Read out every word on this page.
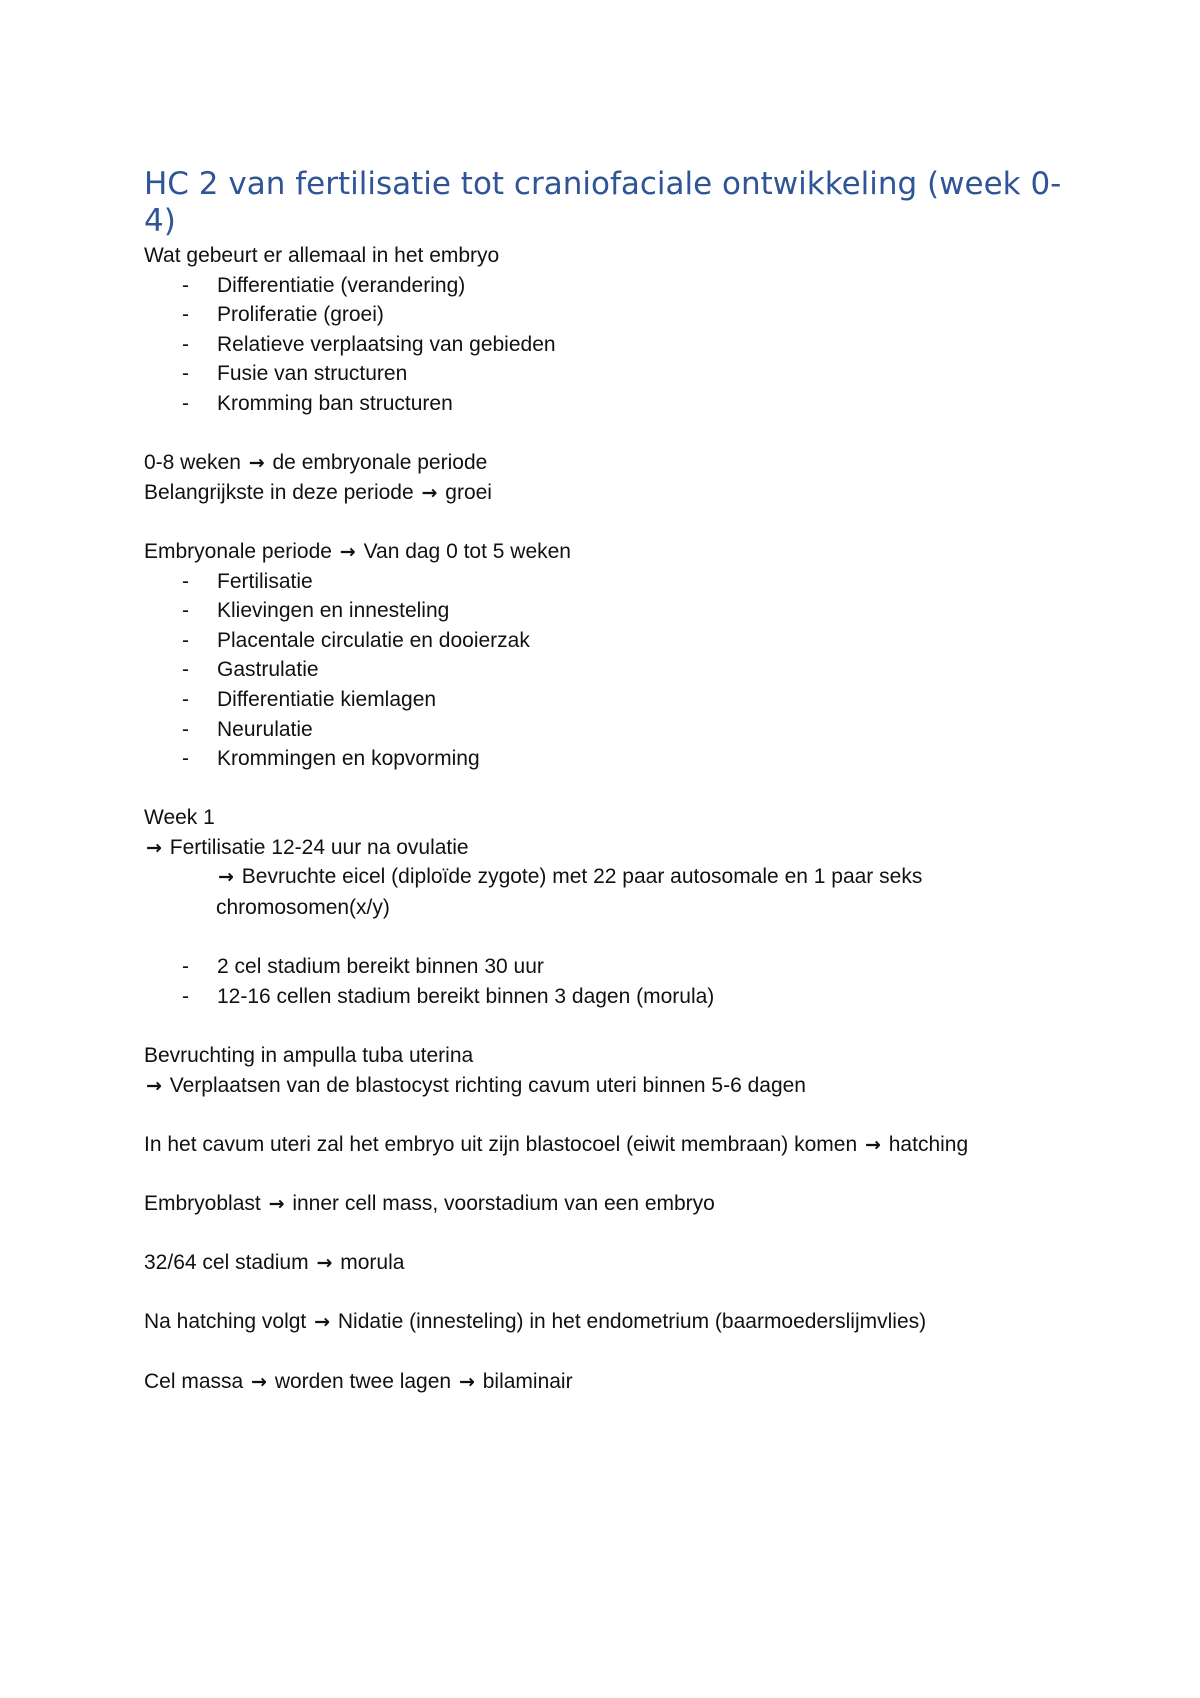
HC 2 van fertilisatie tot craniofaciale ontwikkeling (week 0-4)
Wat gebeurt er allemaal in het embryo
- Differentiatie (verandering)
- Proliferatie (groei)
- Relatieve verplaatsing van gebieden
- Fusie van structuren
- Kromming ban structuren
0-8 weken → de embryonale periode
Belangrijkste in deze periode → groei
Embryonale periode → Van dag 0 tot 5 weken
- Fertilisatie
- Klievingen en innesteling
- Placentale circulatie en dooierzak
- Gastrulatie
- Differentiatie kiemlagen
- Neurulatie
- Krommingen en kopvorming
Week 1
→ Fertilisatie 12-24 uur na ovulatie
→ Bevruchte eicel (diploïde zygote) met 22 paar autosomale en 1 paar seks chromosomen(x/y)
- 2 cel stadium bereikt binnen 30 uur
- 12-16 cellen stadium bereikt binnen 3 dagen (morula)
Bevruchting in ampulla tuba uterina
→ Verplaatsen van de blastocyst richting cavum uteri binnen 5-6 dagen
In het cavum uteri zal het embryo uit zijn blastocoel (eiwit membraan) komen → hatching
Embryoblast → inner cell mass, voorstadium van een embryo
32/64 cel stadium → morula
Na hatching volgt → Nidatie (innesteling) in het endometrium (baarmoederslijmvlies)
Cel massa → worden twee lagen → bilaminair
